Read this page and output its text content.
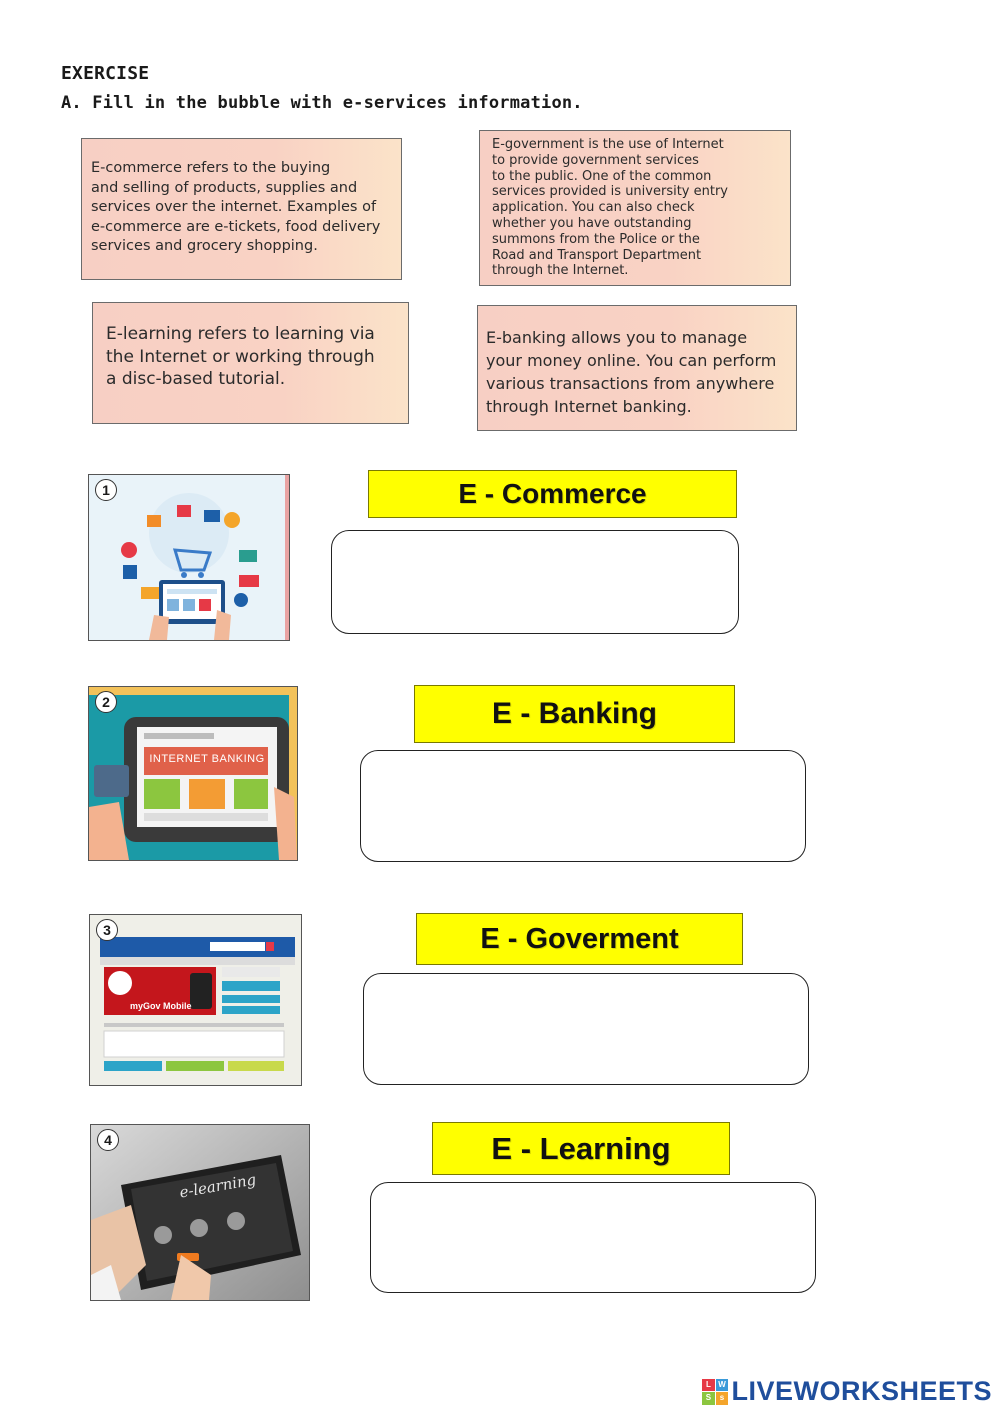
EXERCISE
A. Fill in the bubble with e-services information.
E-commerce refers to the buying
and selling of products, supplies and
services over the internet. Examples of
e-commerce are e-tickets, food delivery
services and grocery shopping.
E-government is the use of Internet
to provide government services
to the public. One of the common
services provided is university entry
application. You can also check
whether you have outstanding
summons from the Police or the
Road and Transport Department
through the Internet.
E-learning refers to learning via
the Internet or working through
a disc-based tutorial.
E-banking allows you to manage
your money online. You can perform
various transactions from anywhere
through Internet banking.
1	E - Commerce
2
INTERNET BANKING
E - Banking
3
myGov Mobile
E - Goverment
4
e-learning
E - Learning
L W
S	s LIVEWORKSHEETS
